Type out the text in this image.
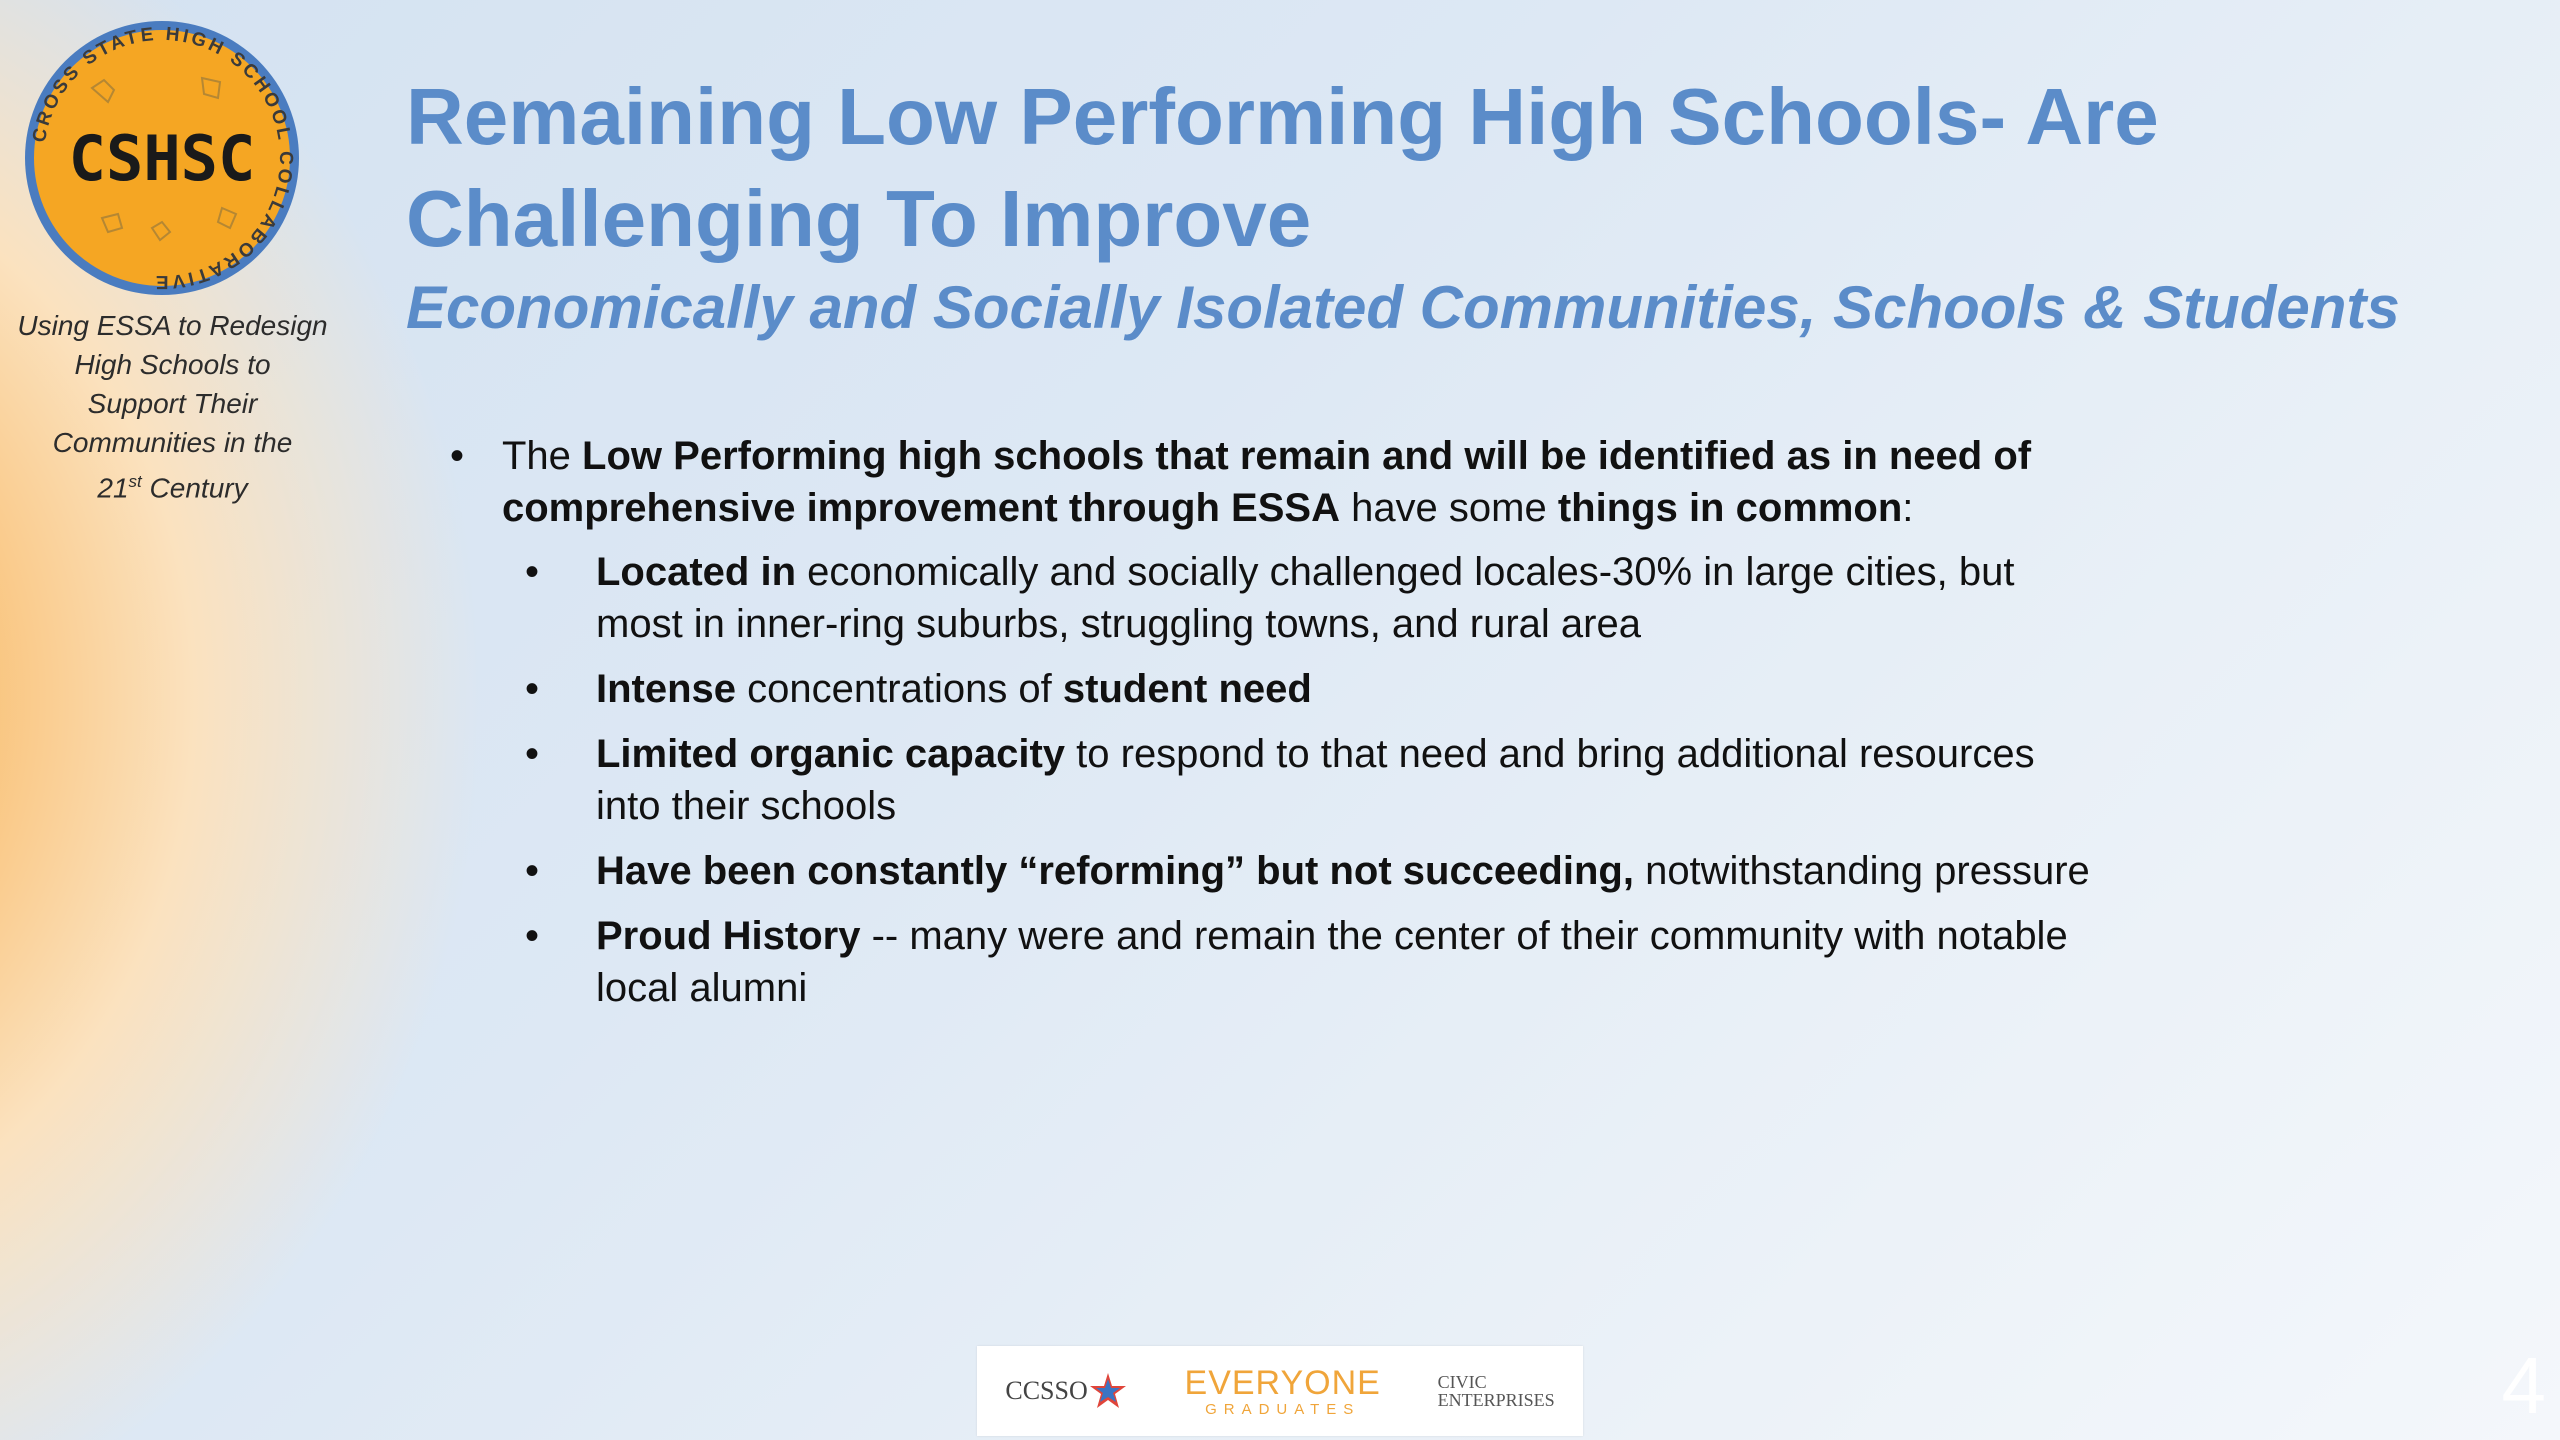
CROSS STATE HIGH SCHOOL COLLABORATIVE
CSHSC
Using ESSA to Redesign
High Schools to
Support Their
Communities in the
21st Century
Remaining Low Performing High Schools- Are
Challenging To Improve
Economically and Socially Isolated Communities, Schools & Students
• The Low Performing high schools that remain and will be identified as in need of comprehensive improvement through ESSA have some things in common:
• Located in economically and socially challenged locales-30% in large cities, but most in inner-ring suburbs, struggling towns, and rural area
• Intense concentrations of student need
• Limited organic capacity to respond to that need and bring additional resources into their schools
• Have been constantly “reforming” but not succeeding, notwithstanding pressure
• Proud History -- many were and remain the center of their community with notable local alumni
CCSSO	EVERYONE
GRADUATES
CIVIC
ENTERPRISES	4
